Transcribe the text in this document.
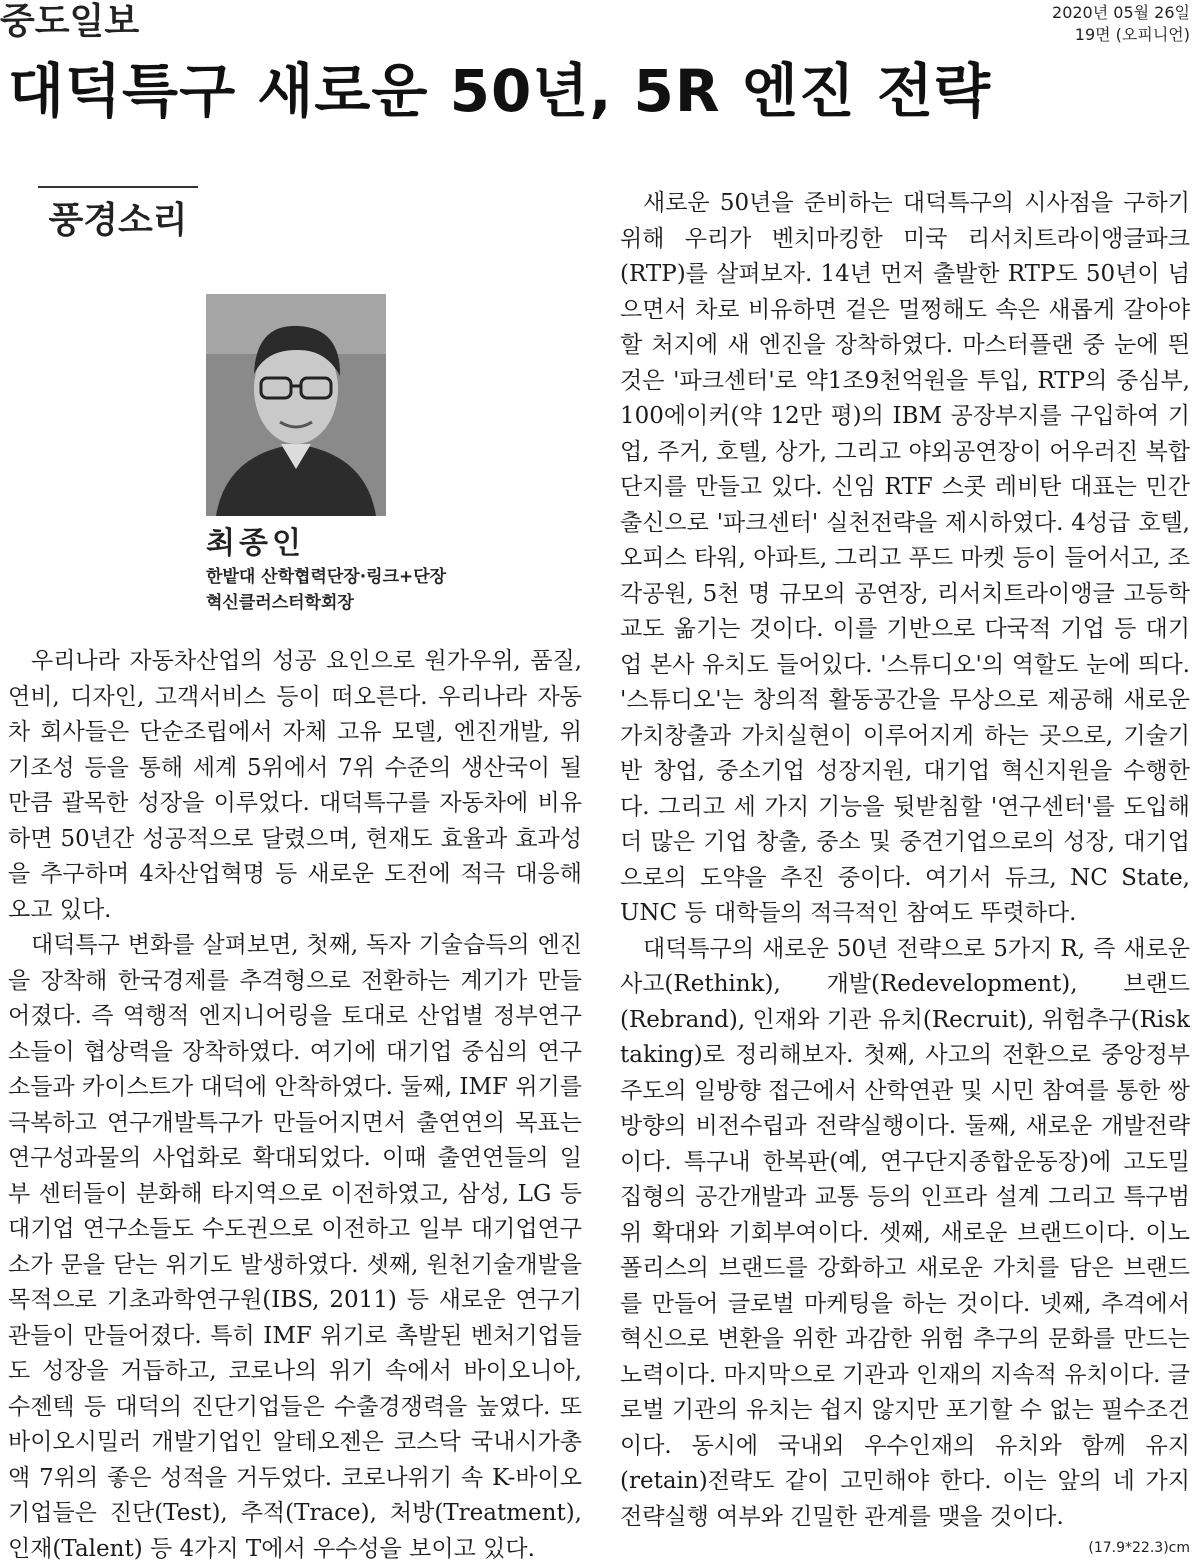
중도일보	2020년 05월 26일
19면 (오피니언)
대덕특구 새로운 50년, 5R 엔진 전략
풍경소리
최종인
한밭대 산학협력단장·링크+단장
혁신클러스터학회장

우리나라 자동차산업의 성공 요인으로 원가우위, 품질, 연비, 디자인, 고객서비스 등이 떠오른다. 우리나라 자동차 회사들은 단순조립에서 자체 고유 모델, 엔진개발, 위기조성 등을 통해 세계 5위에서 7위 수준의 생산국이 될 만큼 괄목한 성장을 이루었다. 대덕특구를 자동차에 비유하면 50년간 성공적으로 달렸으며, 현재도 효율과 효과성을 추구하며 4차산업혁명 등 새로운 도전에 적극 대응해오고 있다.

대덕특구 변화를 살펴보면, 첫째, 독자 기술습득의 엔진을 장착해 한국경제를 추격형으로 전환하는 계기가 만들어졌다. 즉 역행적 엔지니어링을 토대로 산업별 정부연구소들이 협상력을 장착하였다. 여기에 대기업 중심의 연구소들과 카이스트가 대덕에 안착하였다. 둘째, IMF 위기를 극복하고 연구개발특구가 만들어지면서 출연연의 목표는 연구성과물의 사업화로 확대되었다. 이때 출연연들의 일부 센터들이 분화해 타지역으로 이전하였고, 삼성, LG 등 대기업 연구소들도 수도권으로 이전하고 일부 대기업연구소가 문을 닫는 위기도 발생하였다. 셋째, 원천기술개발을 목적으로 기초과학연구원(IBS, 2011) 등 새로운 연구기관들이 만들어졌다. 특히 IMF 위기로 촉발된 벤처기업들도 성장을 거듭하고, 코로나의 위기 속에서 바이오니아, 수젠텍 등 대덕의 진단기업들은 수출경쟁력을 높였다. 또 바이오시밀러 개발기업인 알테오젠은 코스닥 국내시가총액 7위의 좋은 성적을 거두었다. 코로나위기 속 K-바이오기업들은 진단(Test), 추적(Trace), 처방(Treatment), 인재(Talent) 등 4가지 T에서 우수성을 보이고 있다.

새로운 50년을 준비하는 대덕특구의 시사점을 구하기 위해 우리가 벤치마킹한 미국 리서치트라이앵글파크(RTP)를 살펴보자. 14년 먼저 출발한 RTP도 50년이 넘으면서 차로 비유하면 겉은 멀쩡해도 속은 새롭게 갈아야 할 처지에 새 엔진을 장착하였다. 마스터플랜 중 눈에 띈 것은 '파크센터'로 약1조9천억원을 투입, RTP의 중심부, 100에이커(약 12만 평)의 IBM 공장부지를 구입하여 기업, 주거, 호텔, 상가, 그리고 야외공연장이 어우러진 복합단지를 만들고 있다. 신임 RTF 스콧 레비탄 대표는 민간출신으로 '파크센터' 실천전략을 제시하였다. 4성급 호텔, 오피스 타워, 아파트, 그리고 푸드 마켓 등이 들어서고, 조각공원, 5천 명 규모의 공연장, 리서치트라이앵글 고등학교도 옮기는 것이다. 이를 기반으로 다국적 기업 등 대기업 본사 유치도 들어있다. '스튜디오'의 역할도 눈에 띄다. '스튜디오'는 창의적 활동공간을 무상으로 제공해 새로운 가치창출과 가치실현이 이루어지게 하는 곳으로, 기술기반 창업, 중소기업 성장지원, 대기업 혁신지원을 수행한다. 그리고 세 가지 기능을 뒷받침할 '연구센터'를 도입해 더 많은 기업 창출, 중소 및 중견기업으로의 성장, 대기업으로의 도약을 추진 중이다. 여기서 듀크, NC State, UNC 등 대학들의 적극적인 참여도 뚜렷하다.

대덕특구의 새로운 50년 전략으로 5가지 R, 즉 새로운 사고(Rethink), 개발(Redevelopment), 브랜드(Rebrand), 인재와 기관 유치(Recruit), 위험추구(Risk taking)로 정리해보자. 첫째, 사고의 전환으로 중앙정부 주도의 일방향 접근에서 산학연관 및 시민 참여를 통한 쌍방향의 비전수립과 전략실행이다. 둘째, 새로운 개발전략이다. 특구내 한복판(예, 연구단지종합운동장)에 고도밀집형의 공간개발과 교통 등의 인프라 설계 그리고 특구범위 확대와 기회부여이다. 셋째, 새로운 브랜드이다. 이노폴리스의 브랜드를 강화하고 새로운 가치를 담은 브랜드를 만들어 글로벌 마케팅을 하는 것이다. 넷째, 추격에서 혁신으로 변환을 위한 과감한 위험 추구의 문화를 만드는 노력이다. 마지막으로 기관과 인재의 지속적 유치이다. 글로벌 기관의 유치는 쉽지 않지만 포기할 수 없는 필수조건이다. 동시에 국내외 우수인재의 유치와 함께 유지(retain)전략도 같이 고민해야 한다. 이는 앞의 네 가지 전략실행 여부와 긴밀한 관계를 맺을 것이다.

(17.9*22.3)cm
